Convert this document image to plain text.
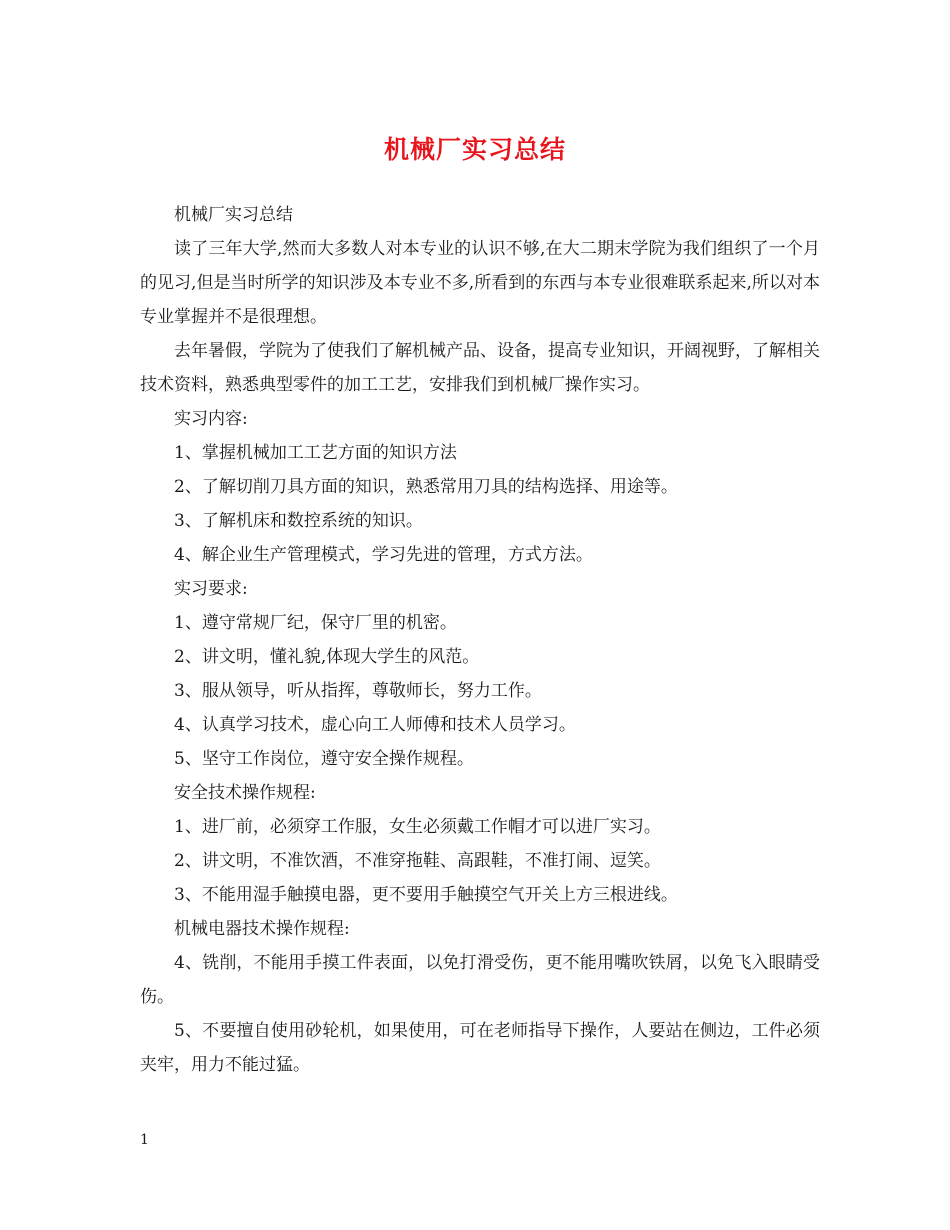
机械厂实习总结

机械厂实习总结

读了三年大学,然而大多数人对本专业的认识不够,在大二期末学院为我们组织了一个月的见习,但是当时所学的知识涉及本专业不多,所看到的东西与本专业很难联系起来,所以对本专业掌握并不是很理想。

去年暑假，学院为了使我们了解机械产品、设备，提高专业知识，开阔视野，了解相关技术资料，熟悉典型零件的加工工艺，安排我们到机械厂操作实习。

实习内容:

1、掌握机械加工工艺方面的知识方法

2、了解切削刀具方面的知识，熟悉常用刀具的结构选择、用途等。

3、了解机床和数控系统的知识。

4、解企业生产管理模式，学习先进的管理，方式方法。

实习要求:

1、遵守常规厂纪，保守厂里的机密。

2、讲文明，懂礼貌,体现大学生的风范。

3、服从领导，听从指挥，尊敬师长，努力工作。

4、认真学习技术，虚心向工人师傅和技术人员学习。

5、坚守工作岗位，遵守安全操作规程。

安全技术操作规程:

1、进厂前，必须穿工作服，女生必须戴工作帽才可以进厂实习。

2、讲文明，不准饮酒，不准穿拖鞋、高跟鞋，不准打闹、逗笑。

3、不能用湿手触摸电器，更不要用手触摸空气开关上方三根进线。

机械电器技术操作规程:

4、铣削，不能用手摸工件表面，以免打滑受伤，更不能用嘴吹铁屑，以免飞入眼睛受伤。

5、不要擅自使用砂轮机，如果使用，可在老师指导下操作，人要站在侧边，工件必须夹牢，用力不能过猛。

1
